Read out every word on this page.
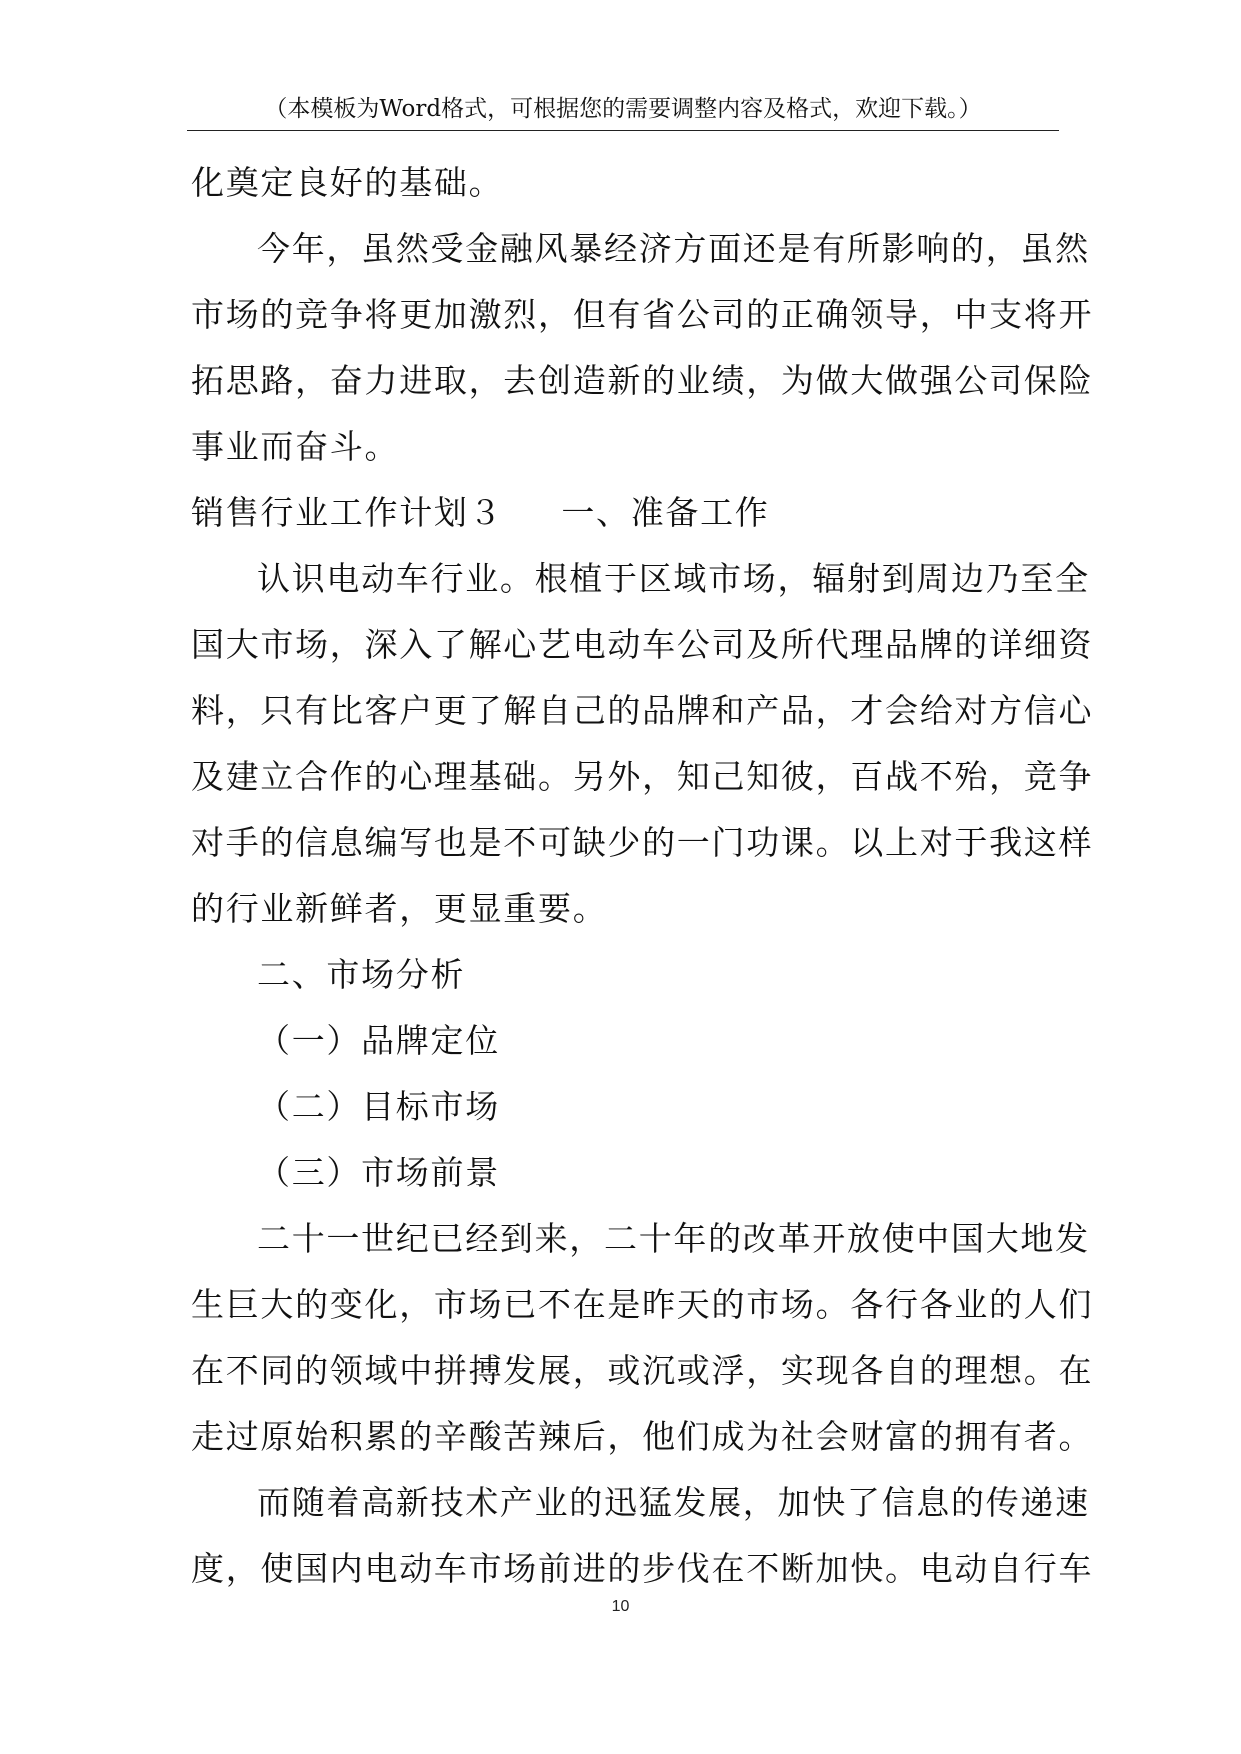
（本模板为Word格式，可根据您的需要调整内容及格式，欢迎下载。）
化奠定良好的基础。
今年，虽然受金融风暴经济方面还是有所影响的，虽然
市场的竞争将更加激烈，但有省公司的正确领导，中支将开
拓思路，奋力进取，去创造新的业绩，为做大做强公司保险
事业而奋斗。
销售行业工作计划３ 一、准备工作
认识电动车行业。根植于区域市场，辐射到周边乃至全
国大市场，深入了解心艺电动车公司及所代理品牌的详细资
料，只有比客户更了解自己的品牌和产品，才会给对方信心
及建立合作的心理基础。另外，知己知彼，百战不殆，竞争
对手的信息编写也是不可缺少的一门功课。以上对于我这样
的行业新鲜者，更显重要。
二、市场分析
（一）品牌定位
（二）目标市场
（三）市场前景
二十一世纪已经到来，二十年的改革开放使中国大地发
生巨大的变化，市场已不在是昨天的市场。各行各业的人们
在不同的领域中拼搏发展，或沉或浮，实现各自的理想。在
走过原始积累的辛酸苦辣后，他们成为社会财富的拥有者。
而随着高新技术产业的迅猛发展，加快了信息的传递速
度，使国内电动车市场前进的步伐在不断加快。电动自行车
10
